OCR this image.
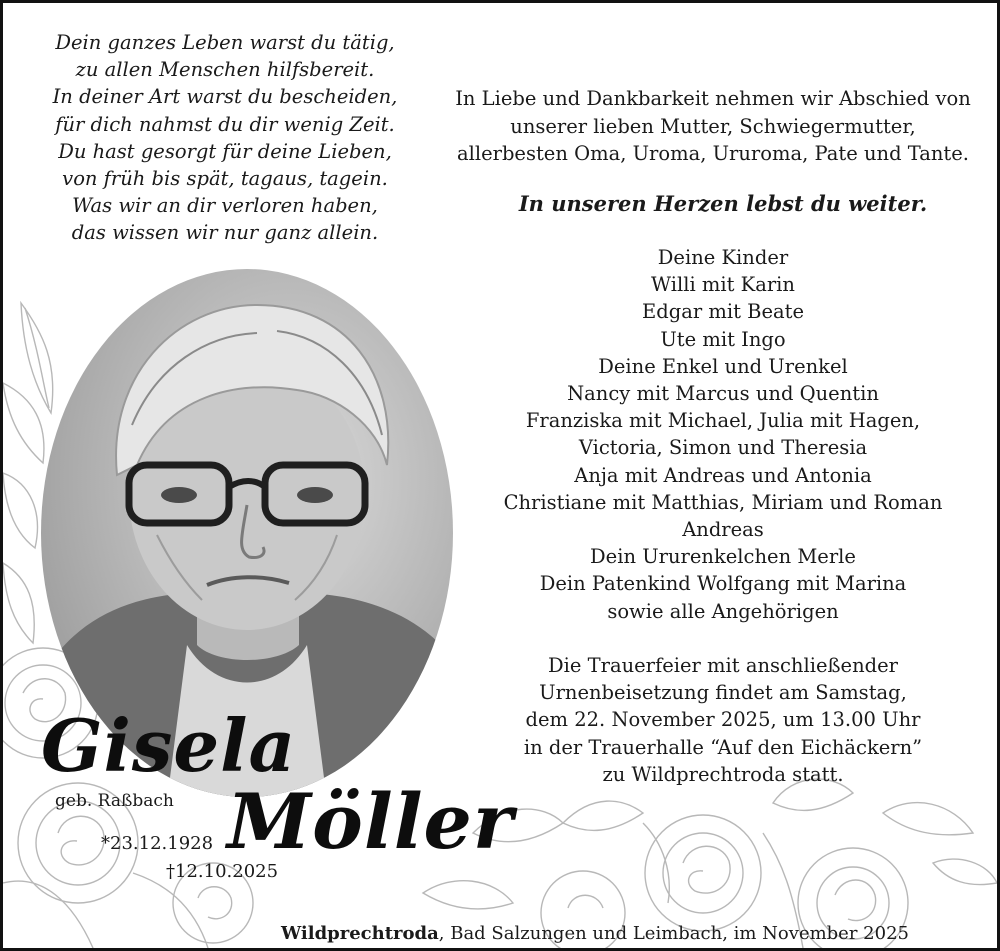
Dein ganzes Leben warst du tätig,
zu allen Menschen hilfsbereit.
In deiner Art warst du bescheiden,
für dich nahmst du dir wenig Zeit.
Du hast gesorgt für deine Lieben,
von früh bis spät, tagaus, tagein.
Was wir an dir verloren haben,
das wissen wir nur ganz allein.
In Liebe und Dankbarkeit nehmen wir Abschied von
unserer lieben Mutter, Schwiegermutter,
allerbesten Oma, Uroma, Ururoma, Pate und Tante.
In unseren Herzen lebst du weiter.
Deine Kinder
Willi mit Karin
Edgar mit Beate
Ute mit Ingo
Deine Enkel und Urenkel
Nancy mit Marcus und Quentin
Franziska mit Michael, Julia mit Hagen,
Victoria, Simon und Theresia
Anja mit Andreas und Antonia
Christiane mit Matthias, Miriam und Roman
Andreas
Dein Ururenkelchen Merle
Dein Patenkind Wolfgang mit Marina
sowie alle Angehörigen
Die Trauerfeier mit anschließender
Urnenbeisetzung findet am Samstag,
dem 22. November 2025, um 13.00 Uhr
in der Trauerhalle “Auf den Eichäckern”
zu Wildprechtroda statt.
Gisela
geb. Raßbach Möller
*23.12.1928
†12.10.2025
Wildprechtroda, Bad Salzungen und Leimbach, im November 2025
